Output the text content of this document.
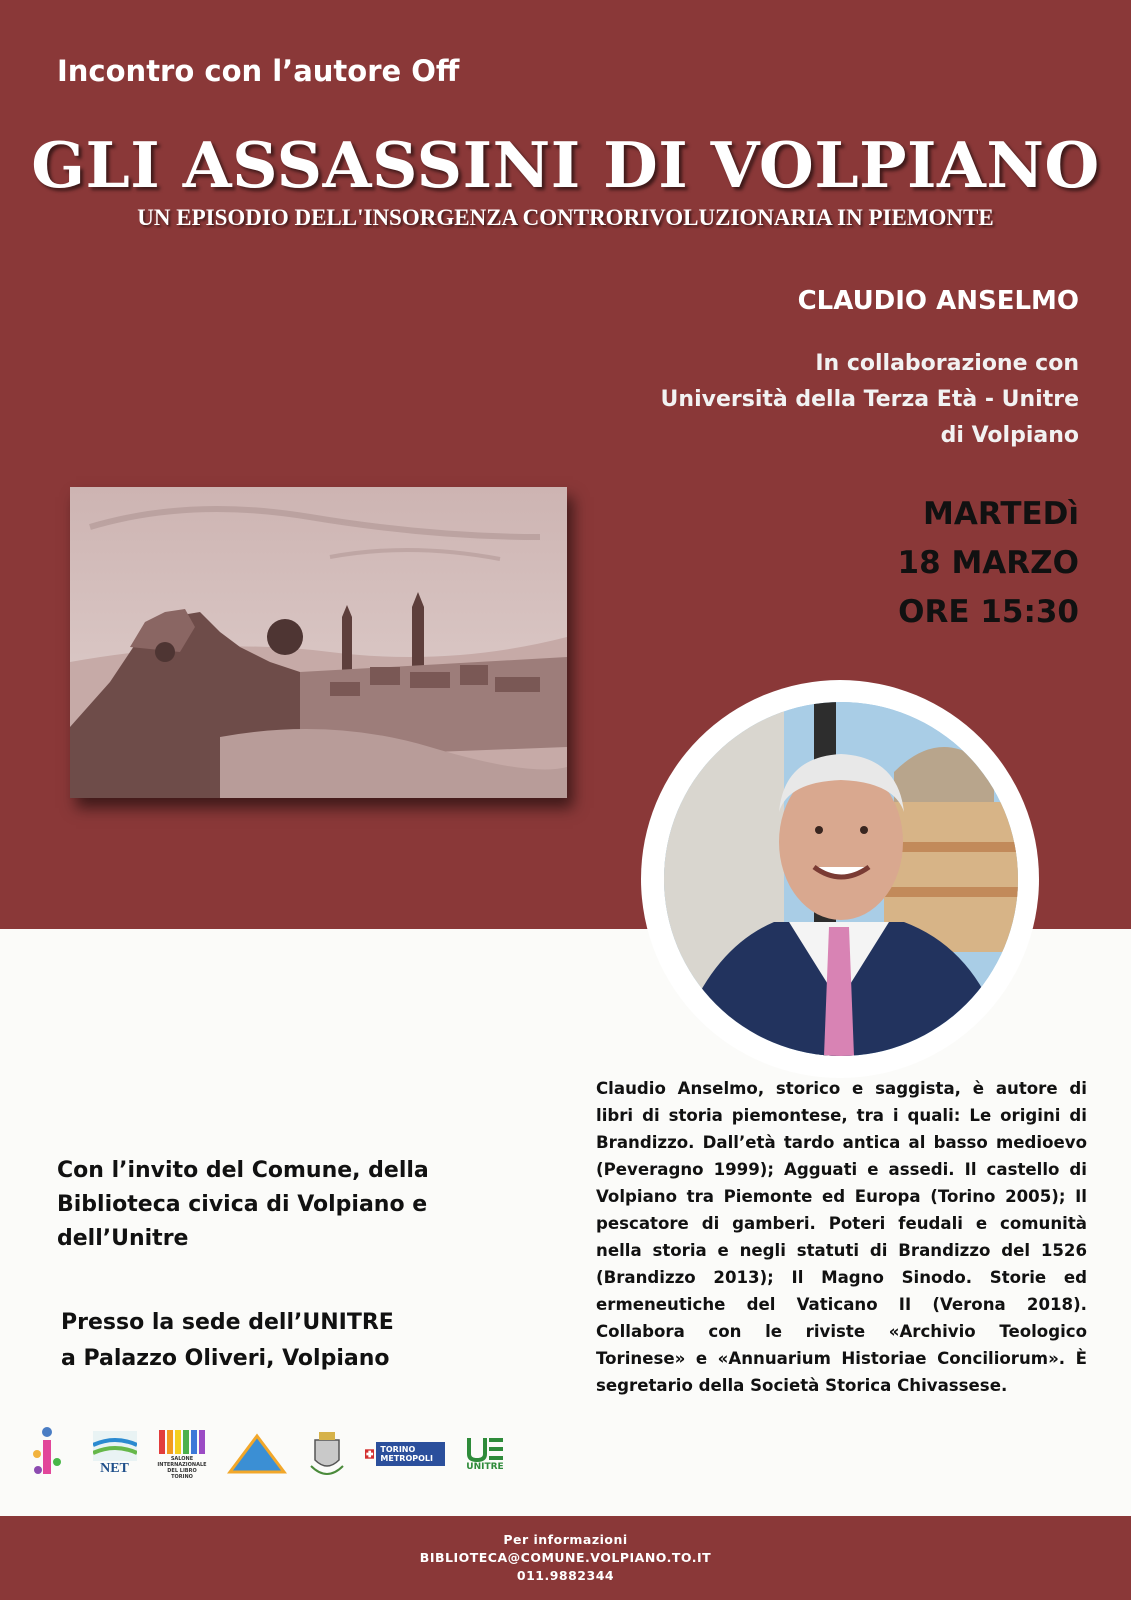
Incontro con l’autore Off
GLI ASSASSINI DI VOLPIANO
UN EPISODIO DELL'INSORGENZA CONTRORIVOLUZIONARIA IN PIEMONTE
CLAUDIO ANSELMO
In collaborazione con
Università della Terza Età - Unitre
di Volpiano
MARTEDì
18 MARZO
ORE 15:30
Con l’invito del Comune, della
Biblioteca civica di Volpiano e
dell’Unitre
Presso la sede dell’UNITRE
a Palazzo Oliveri, Volpiano
Claudio Anselmo, storico e saggista, è autore di libri di storia piemontese, tra i quali: Le origini di Brandizzo. Dall’età tardo antica al basso medioevo (Peveragno 1999); Agguati e assedi. Il castello di Volpiano tra Piemonte ed Europa (Torino 2005); Il pescatore di gamberi. Poteri feudali e comunità nella storia e negli statuti di Brandizzo del 1526 (Brandizzo 2013); Il Magno Sinodo. Storie ed ermeneutiche del Vaticano II (Verona 2018). Collabora con le riviste «Archivio Teologico Torinese» e «Annuarium Historiae Conciliorum». È segretario della Società Storica Chivassese.
NET
SALONE INTERNAZIONALE DEL LIBRO TORINO
TORINO METROPOLI
UNITRE
Per informazioni
BIBLIOTECA@COMUNE.VOLPIANO.TO.IT
011.9882344
